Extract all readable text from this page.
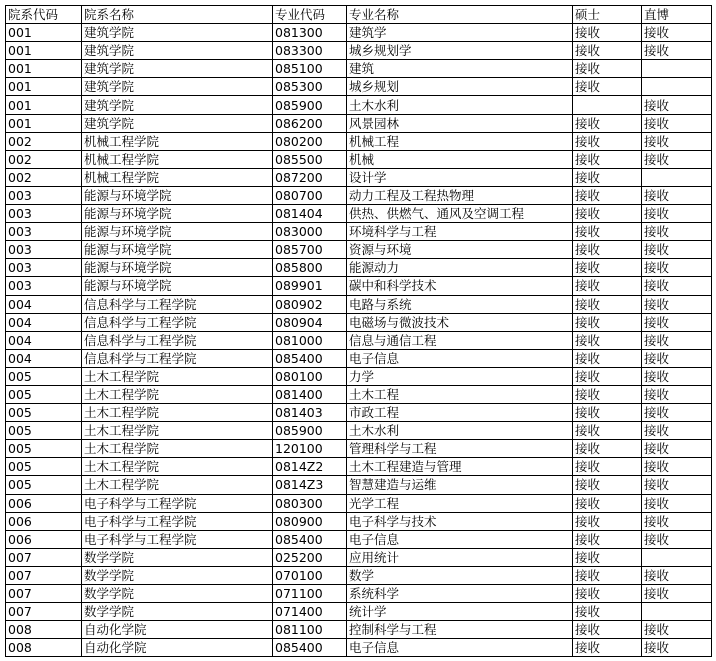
院系代码	院系名称	专业代码	专业名称	硕士	直博
001	建筑学院	081300	建筑学	接收	接收
001	建筑学院	083300	城乡规划学	接收	接收
001	建筑学院	085100	建筑	接收	
001	建筑学院	085300	城乡规划	接收	
001	建筑学院	085900	土木水利		接收
001	建筑学院	086200	风景园林	接收	接收
002	机械工程学院	080200	机械工程	接收	接收
002	机械工程学院	085500	机械	接收	接收
002	机械工程学院	087200	设计学	接收	
003	能源与环境学院	080700	动力工程及工程热物理	接收	接收
003	能源与环境学院	081404	供热、供燃气、通风及空调工程	接收	接收
003	能源与环境学院	083000	环境科学与工程	接收	接收
003	能源与环境学院	085700	资源与环境	接收	接收
003	能源与环境学院	085800	能源动力	接收	接收
003	能源与环境学院	089901	碳中和科学技术	接收	接收
004	信息科学与工程学院	080902	电路与系统	接收	接收
004	信息科学与工程学院	080904	电磁场与微波技术	接收	接收
004	信息科学与工程学院	081000	信息与通信工程	接收	接收
004	信息科学与工程学院	085400	电子信息	接收	接收
005	土木工程学院	080100	力学	接收	接收
005	土木工程学院	081400	土木工程	接收	接收
005	土木工程学院	081403	市政工程	接收	接收
005	土木工程学院	085900	土木水利	接收	接收
005	土木工程学院	120100	管理科学与工程	接收	接收
005	土木工程学院	0814Z2	土木工程建造与管理	接收	接收
005	土木工程学院	0814Z3	智慧建造与运维	接收	接收
006	电子科学与工程学院	080300	光学工程	接收	接收
006	电子科学与工程学院	080900	电子科学与技术	接收	接收
006	电子科学与工程学院	085400	电子信息	接收	接收
007	数学学院	025200	应用统计	接收	
007	数学学院	070100	数学	接收	接收
007	数学学院	071100	系统科学	接收	接收
007	数学学院	071400	统计学	接收	
008	自动化学院	081100	控制科学与工程	接收	接收
008	自动化学院	085400	电子信息	接收	接收
